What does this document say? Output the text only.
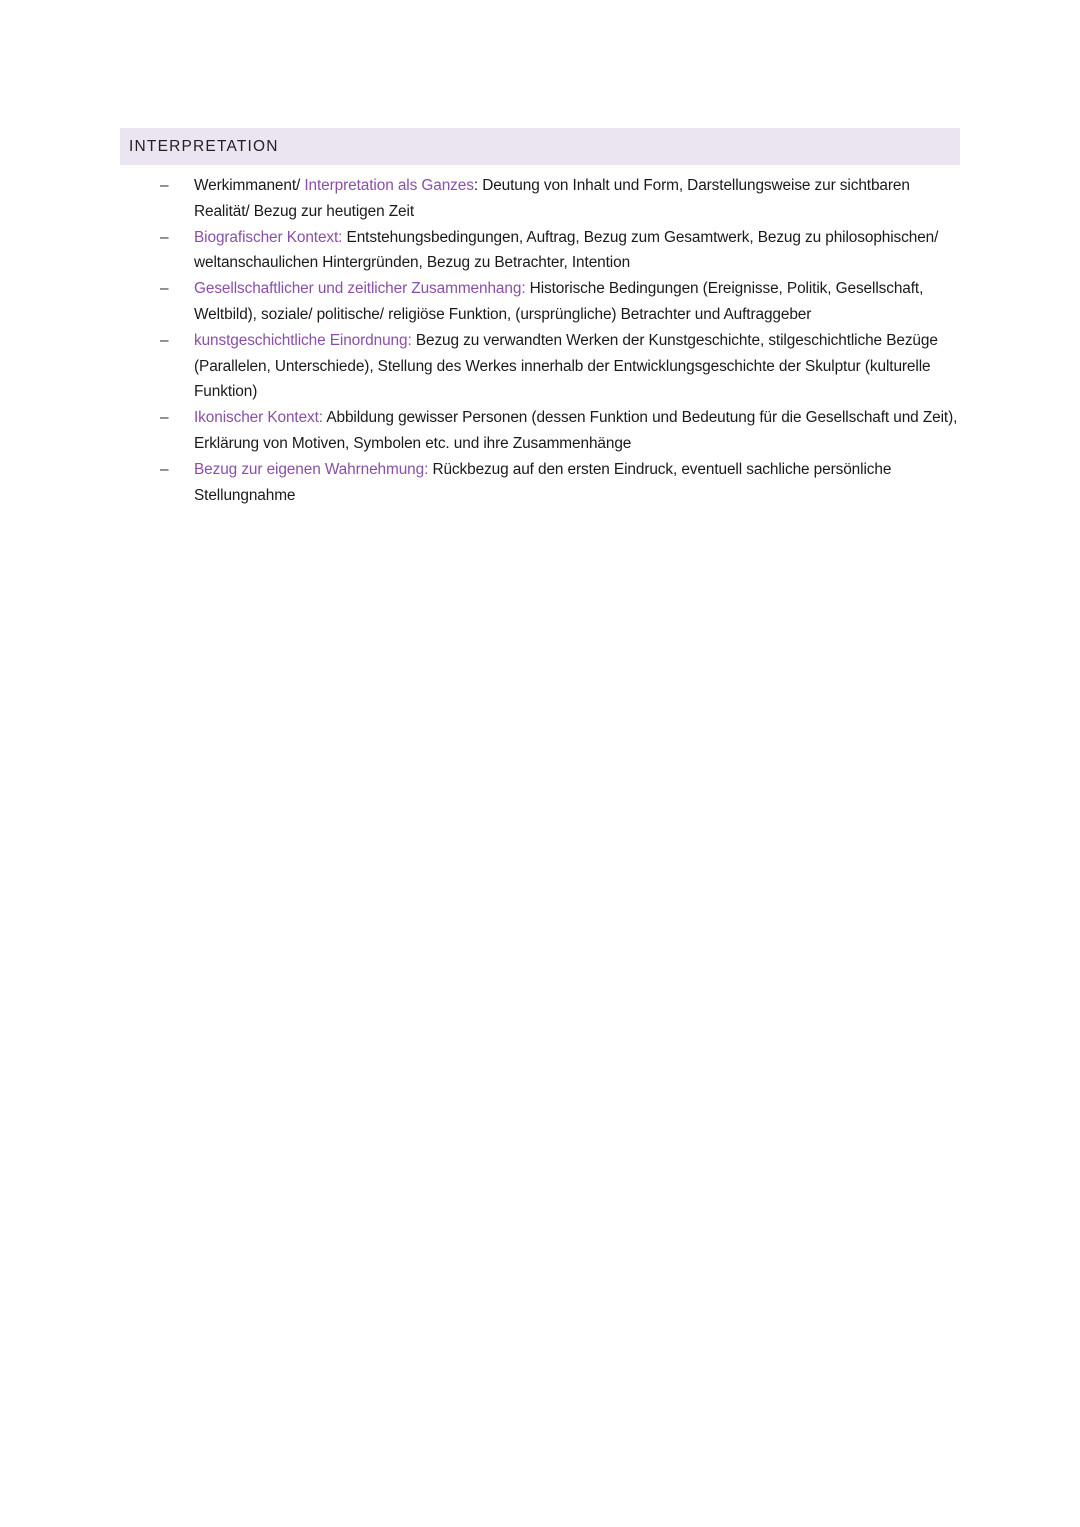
INTERPRETATION
– Werkimmanent/ Interpretation als Ganzes: Deutung von Inhalt und Form, Darstellungsweise zur sichtbaren Realität/ Bezug zur heutigen Zeit
– Biografischer Kontext: Entstehungsbedingungen, Auftrag, Bezug zum Gesamtwerk, Bezug zu philosophischen/ weltanschaulichen Hintergründen, Bezug zu Betrachter, Intention
– Gesellschaftlicher und zeitlicher Zusammenhang: Historische Bedingungen (Ereignisse, Politik, Gesellschaft, Weltbild), soziale/ politische/ religiöse Funktion, (ursprüngliche) Betrachter und Auftraggeber
– kunstgeschichtliche Einordnung: Bezug zu verwandten Werken der Kunstgeschichte, stilgeschichtliche Bezüge (Parallelen, Unterschiede), Stellung des Werkes innerhalb der Entwicklungsgeschichte der Skulptur (kulturelle Funktion)
– Ikonischer Kontext: Abbildung gewisser Personen (dessen Funktion und Bedeutung für die Gesellschaft und Zeit), Erklärung von Motiven, Symbolen etc. und ihre Zusammenhänge
– Bezug zur eigenen Wahrnehmung: Rückbezug auf den ersten Eindruck, eventuell sachliche persönliche Stellungnahme
